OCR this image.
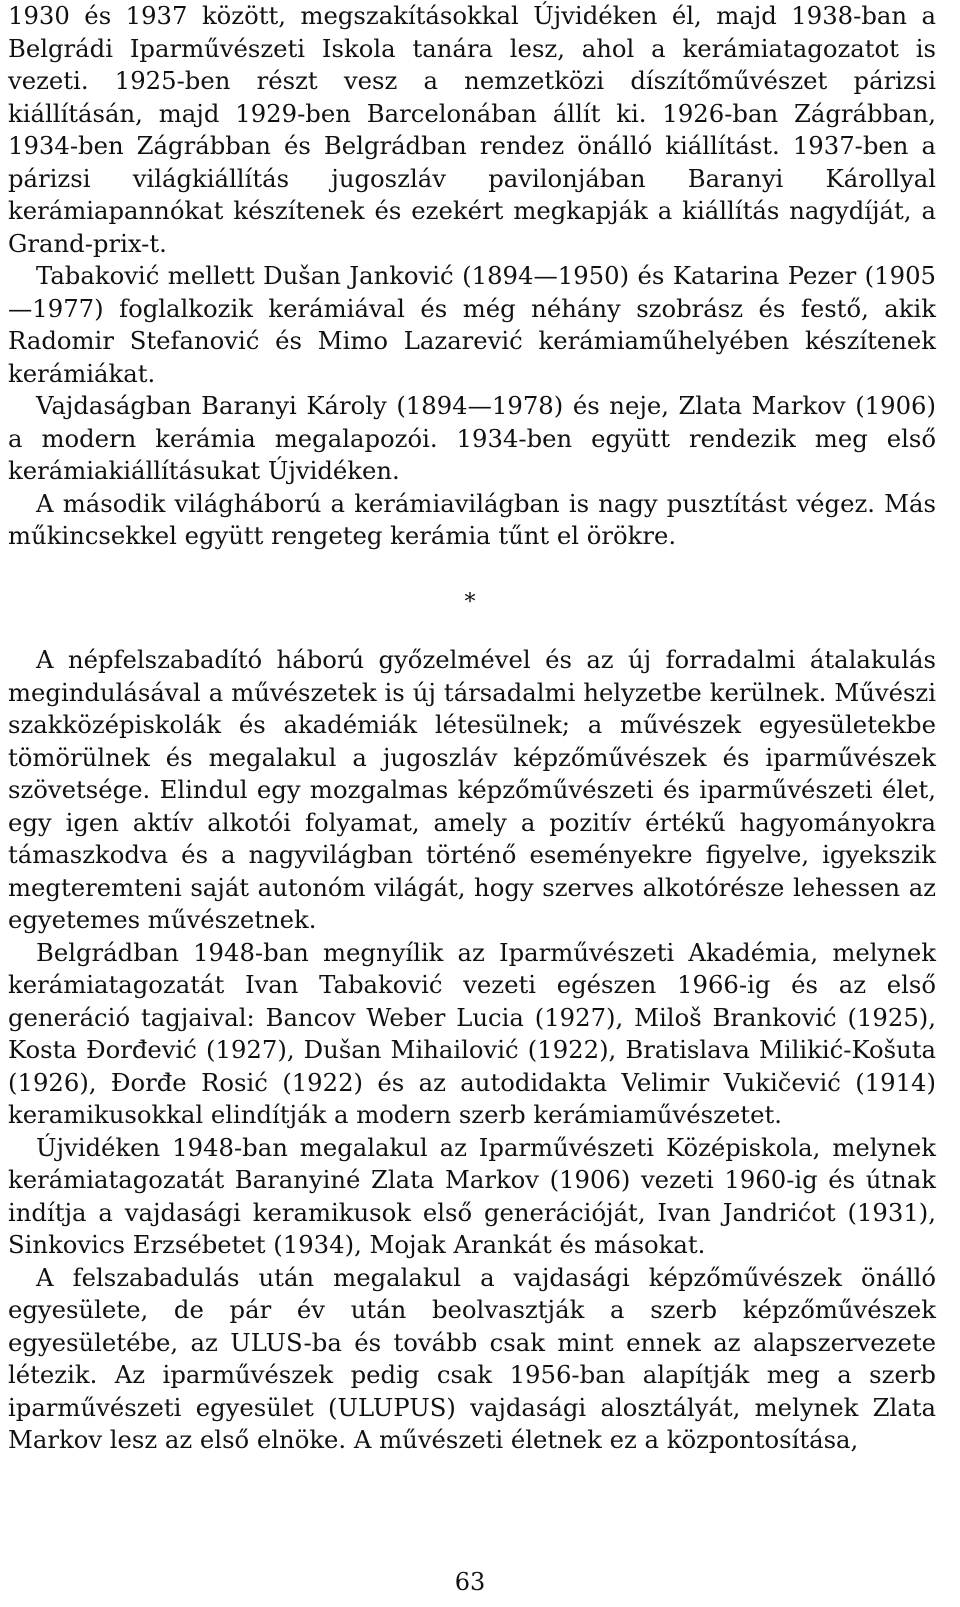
1930 és 1937 között, megszakításokkal Újvidéken él, majd 1938-ban a Belgrádi Iparművészeti Iskola tanára lesz, ahol a kerámiatagozatot is vezeti. 1925-ben részt vesz a nemzetközi díszítőművészet párizsi kiállításán, majd 1929-ben Barcelonában állít ki. 1926-ban Zágrábban, 1934-ben Zágrábban és Belgrádban rendez önálló kiállítást. 1937-ben a párizsi világkiállítás jugoszláv pavilonjában Baranyi Károllyal kerámiapannókat készítenek és ezekért megkapják a kiállítás nagydíját, a Grand-prix-t.

Tabaković mellett Dušan Janković (1894—1950) és Katarina Pezer (1905—1977) foglalkozik kerámiával és még néhány szobrász és festő, akik Radomir Stefanović és Mimo Lazarević kerámiaműhelyében készítenek kerámiákat.

Vajdaságban Baranyi Károly (1894—1978) és neje, Zlata Markov (1906) a modern kerámia megalapozói. 1934-ben együtt rendezik meg első kerámiakiállításukat Újvidéken.

A második világháború a kerámiavilágban is nagy pusztítást végez. Más műkincsekkel együtt rengeteg kerámia tűnt el örökre.

*

A népfelszabadító háború győzelmével és az új forradalmi átalakulás megindulásával a művészetek is új társadalmi helyzetbe kerülnek. Művészi szakközépiskolák és akadémiák létesülnek; a művészek egyesületekbe tömörülnek és megalakul a jugoszláv képzőművészek és iparművészek szövetsége. Elindul egy mozgalmas képzőművészeti és iparművészeti élet, egy igen aktív alkotói folyamat, amely a pozitív értékű hagyományokra támaszkodva és a nagyvilágban történő eseményekre figyelve, igyekszik megteremteni saját autonóm világát, hogy szerves alkotórésze lehessen az egyetemes művészetnek.

Belgrádban 1948-ban megnyílik az Iparművészeti Akadémia, melynek kerámiatagozatát Ivan Tabaković vezeti egészen 1966-ig és az első generáció tagjaival: Bancov Weber Lucia (1927), Miloš Branković (1925), Kosta Đorđević (1927), Dušan Mihailović (1922), Bratislava Milikić-Košuta (1926), Đorđe Rosić (1922) és az autodidakta Velimir Vukičević (1914) keramikusokkal elindítják a modern szerb kerámiaművészetet.

Újvidéken 1948-ban megalakul az Iparművészeti Középiskola, melynek kerámiatagozatát Baranyiné Zlata Markov (1906) vezeti 1960-ig és útnak indítja a vajdasági keramikusok első generációját, Ivan Jandrićot (1931), Sinkovics Erzsébetet (1934), Mojak Arankát és másokat.

A felszabadulás után megalakul a vajdasági képzőművészek önálló egyesülete, de pár év után beolvasztják a szerb képzőművészek egyesületébe, az ULUS-ba és tovább csak mint ennek az alapszervezete létezik. Az iparművészek pedig csak 1956-ban alapítják meg a szerb iparművészeti egyesület (ULUPUS) vajdasági alosztályát, melynek Zlata Markov lesz az első elnöke. A művészeti életnek ez a központosítása,

63
